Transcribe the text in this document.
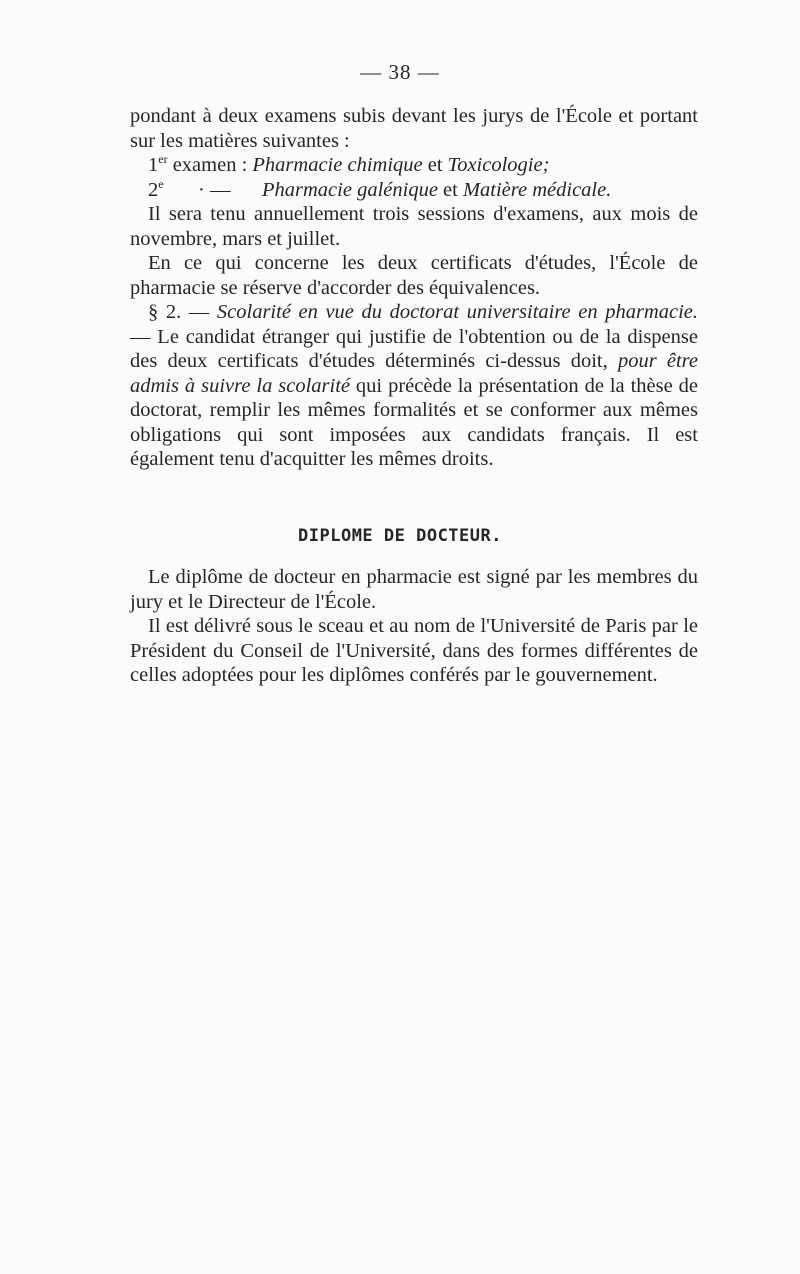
— 38 —

pondant à deux examens subis devant les jurys de l'École et portant sur les matières suivantes :

1er examen : Pharmacie chimique et Toxicologie;
$2^e$ · — Pharmacie galénique et Matière médicale.

Il sera tenu annuellement trois sessions d'examens, aux mois de novembre, mars et juillet.

En ce qui concerne les deux certificats d'études, l'École de pharmacie se réserve d'accorder des équivalences.

§ 2. — Scolarité en vue du doctorat universitaire en pharmacie. — Le candidat étranger qui justifie de l'obtention ou de la dispense des deux certificats d'études déterminés ci-dessus doit, pour être admis à suivre la scolarité qui précède la présentation de la thèse de doctorat, remplir les mêmes formalités et se conformer aux mêmes obligations qui sont imposées aux candidats français. Il est également tenu d'acquitter les mêmes droits.

DIPLOME DE DOCTEUR.

Le diplôme de docteur en pharmacie est signé par les membres du jury et le Directeur de l'École.

Il est délivré sous le sceau et au nom de l'Université de Paris par le Président du Conseil de l'Université, dans des formes différentes de celles adoptées pour les diplômes conférés par le gouvernement.
